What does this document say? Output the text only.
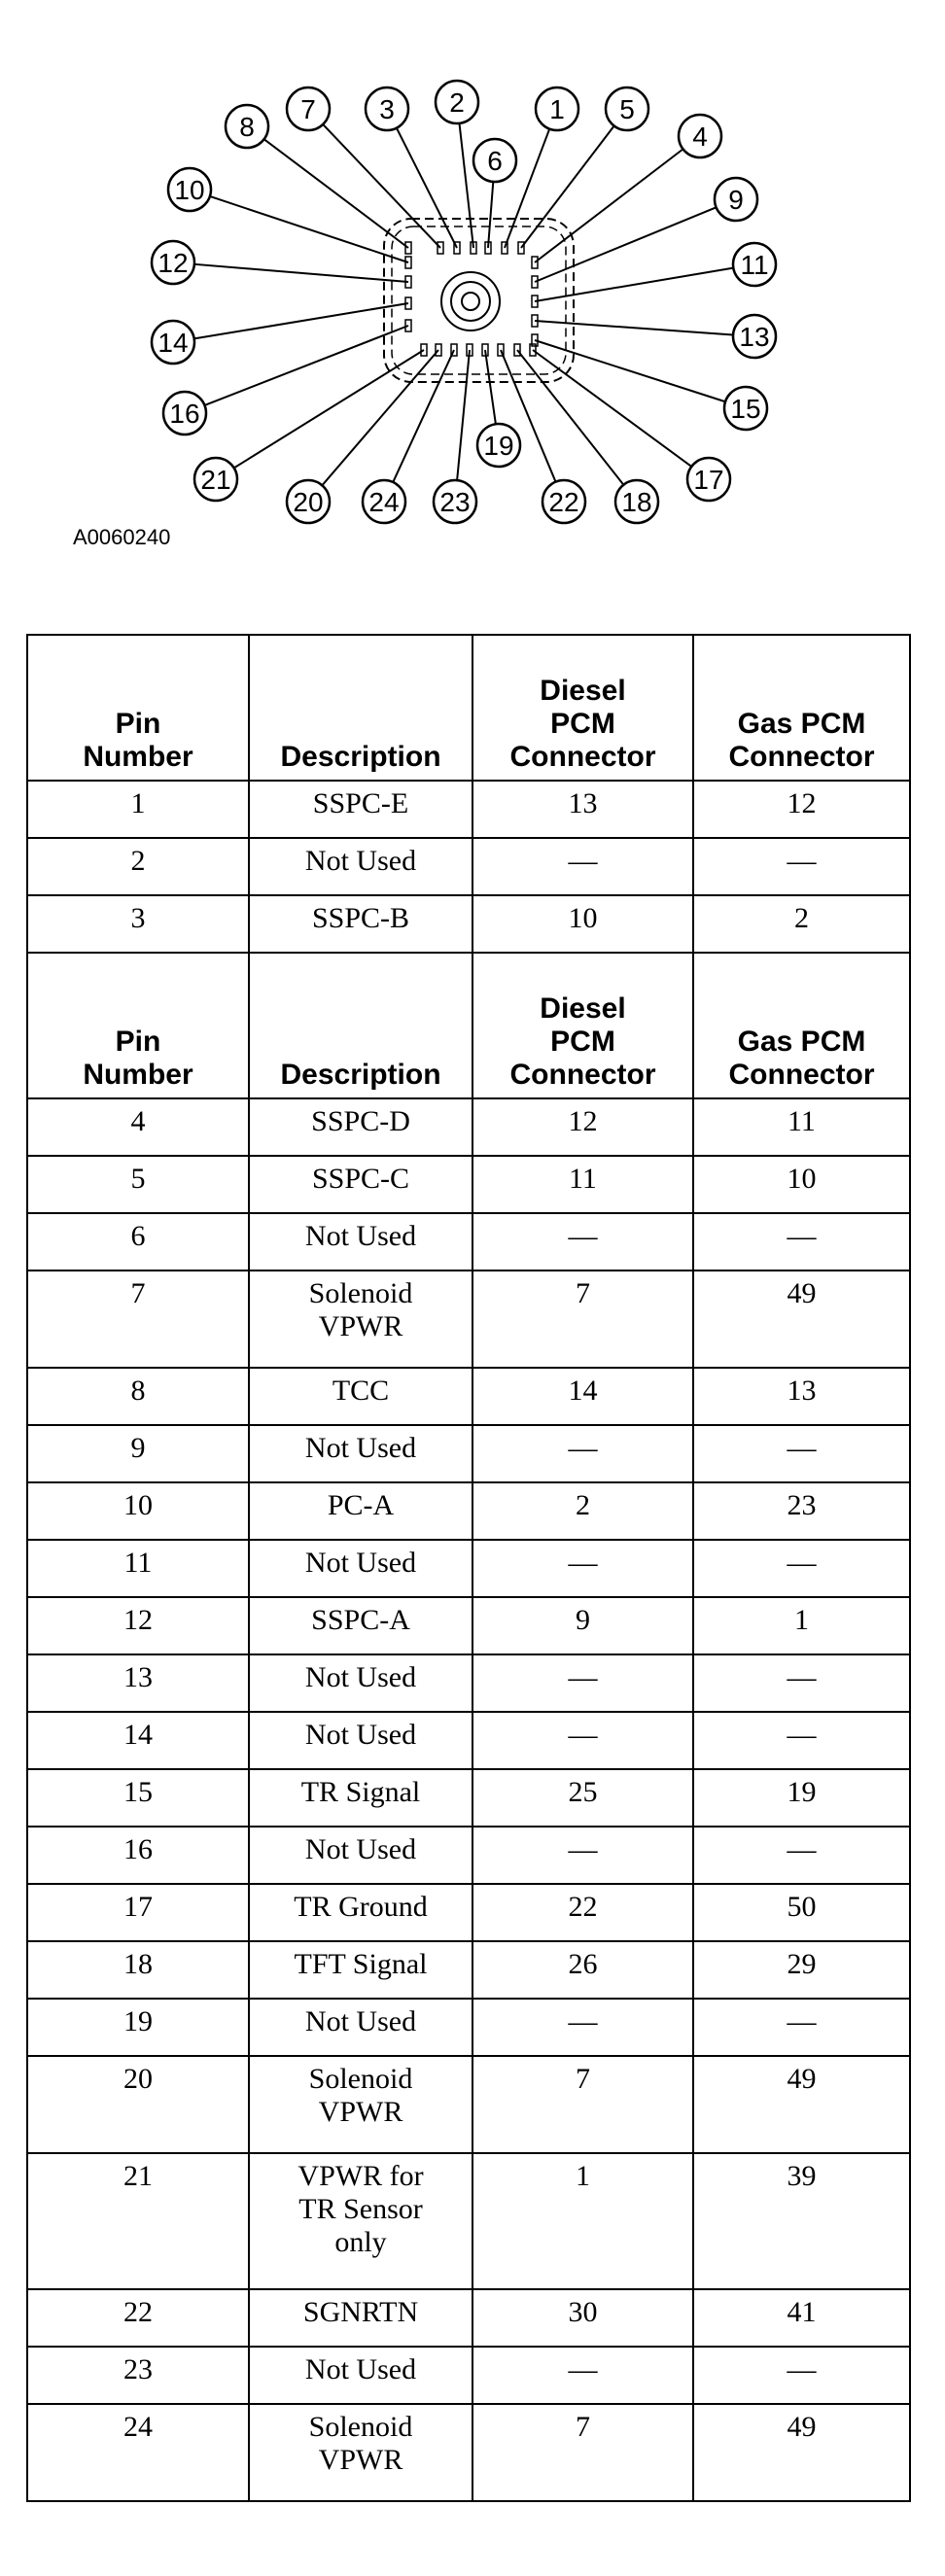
8
7 3 2	1 5
4
6
10	9
12	11
14	13
16	15
21	17
20 24 23
19
22 18
A0060240
Pin
Number	Description	Diesel
PCM
Connector	Gas PCM
Connector
1	SSPC-E	13	12
2	Not Used	—	—
3	SSPC-B	10	2
Pin
Number	Description	Diesel
PCM
Connector	Gas PCM
Connector
4	SSPC-D	12	11
5	SSPC-C	11	10
6	Not Used	—	—
7	Solenoid
VPWR	7	49
8	TCC	14	13
9	Not Used	—	—
10	PC-A	2	23
11	Not Used	—	—
12	SSPC-A	9	1
13	Not Used	—	—
14	Not Used	—	—
15	TR Signal	25	19
16	Not Used	—	—
17	TR Ground	22	50
18	TFT Signal	26	29
19	Not Used	—	—
20	Solenoid
VPWR	7	49
21	VPWR for
TR Sensor
only	1	39
22	SGNRTN	30	41
23	Not Used	—	—
24	Solenoid
VPWR	7	49
